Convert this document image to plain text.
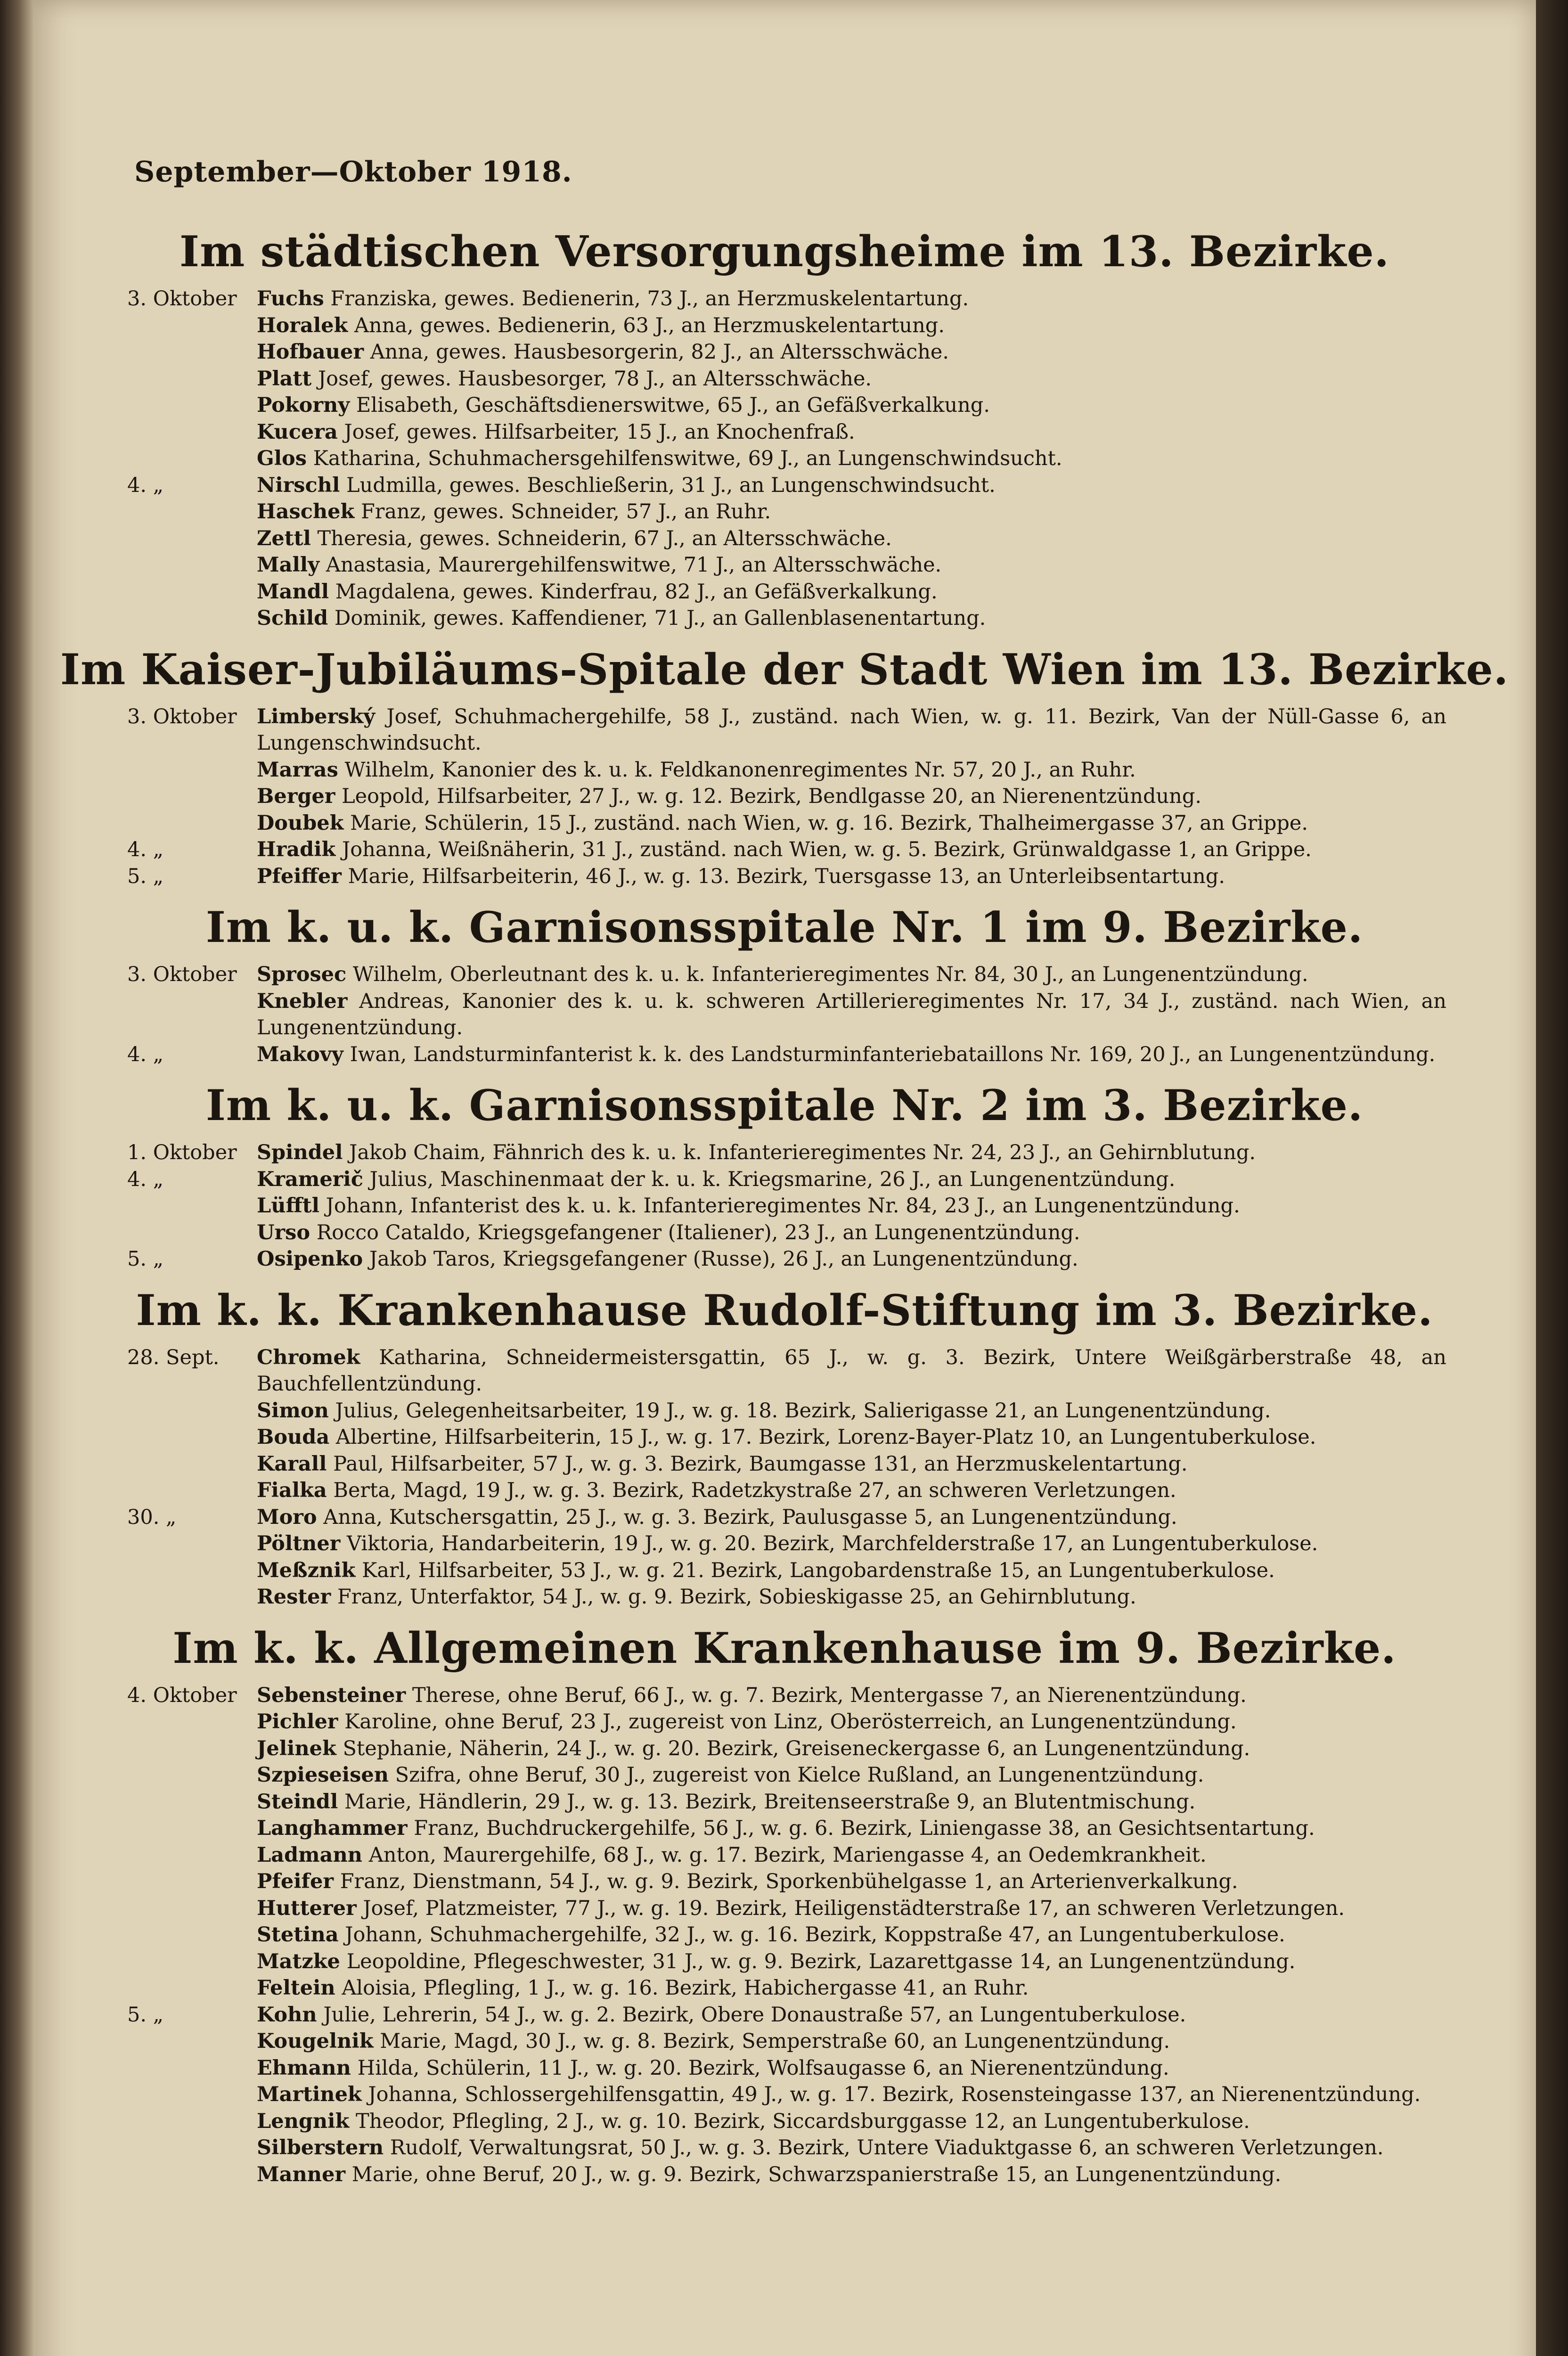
September—Oktober 1918.
Im städtischen Versorgungsheime im 13. Bezirke.
3. Oktober Fuchs Franziska, gewes. Bedienerin, 73 J., an Herzmuskelentartung.
Horalek Anna, gewes. Bedienerin, 63 J., an Herzmuskelentartung.
Hofbauer Anna, gewes. Hausbesorgerin, 82 J., an Altersschwäche.
Platt Josef, gewes. Hausbesorger, 78 J., an Altersschwäche.
Pokorny Elisabeth, Geschäftsdienerswitwe, 65 J., an Gefäßverkalkung.
Kucera Josef, gewes. Hilfsarbeiter, 15 J., an Knochenfraß.
Glos Katharina, Schuhmachersgehilfenswitwe, 69 J., an Lungenschwindsucht.
4. „	Nirschl Ludmilla, gewes. Beschließerin, 31 J., an Lungenschwindsucht.
Haschek Franz, gewes. Schneider, 57 J., an Ruhr.
Zettl Theresia, gewes. Schneiderin, 67 J., an Altersschwäche.
Mally Anastasia, Maurergehilfenswitwe, 71 J., an Altersschwäche.
Mandl Magdalena, gewes. Kinderfrau, 82 J., an Gefäßverkalkung.
Schild Dominik, gewes. Kaffendiener, 71 J., an Gallenblasenentartung.
Im Kaiser-Jubiläums-Spitale der Stadt Wien im 13. Bezirke.
3. Oktober Limberský Josef, Schuhmachergehilfe, 58 J., zuständ. nach Wien, w. g. 11. Bezirk, Van der Nüll-Gasse 6, an Lungenschwindsucht.
Marras Wilhelm, Kanonier des k. u. k. Feldkanonenregimentes Nr. 57, 20 J., an Ruhr.
Berger Leopold, Hilfsarbeiter, 27 J., w. g. 12. Bezirk, Bendlgasse 20, an Nierenentzündung.
Doubek Marie, Schülerin, 15 J., zuständ. nach Wien, w. g. 16. Bezirk, Thalheimergasse 37, an Grippe.
4. „	Hradik Johanna, Weißnäherin, 31 J., zuständ. nach Wien, w. g. 5. Bezirk, Grünwaldgasse 1, an Grippe.
5. „	Pfeiffer Marie, Hilfsarbeiterin, 46 J., w. g. 13. Bezirk, Tuersgasse 13, an Unterleibsentartung.
Im k. u. k. Garnisonsspitale Nr. 1 im 9. Bezirke.
3. Oktober Sprosec Wilhelm, Oberleutnant des k. u. k. Infanterieregimentes Nr. 84, 30 J., an Lungenentzündung.
Knebler Andreas, Kanonier des k. u. k. schweren Artillerieregimentes Nr. 17, 34 J., zuständ. nach Wien, an Lungenentzündung.
4. „	Makovy Iwan, Landsturminfanterist k. k. des Landsturminfanteriebataillons Nr. 169, 20 J., an Lungenentzündung.
Im k. u. k. Garnisonsspitale Nr. 2 im 3. Bezirke.
1. Oktober Spindel Jakob Chaim, Fähnrich des k. u. k. Infanterieregimentes Nr. 24, 23 J., an Gehirnblutung.
4. „	Kramerič Julius, Maschinenmaat der k. u. k. Kriegsmarine, 26 J., an Lungenentzündung.
Lüfftl Johann, Infanterist des k. u. k. Infanterieregimentes Nr. 84, 23 J., an Lungenentzündung.
Urso Rocco Cataldo, Kriegsgefangener (Italiener), 23 J., an Lungenentzündung.
5. „	Osipenko Jakob Taros, Kriegsgefangener (Russe), 26 J., an Lungenentzündung.
Im k. k. Krankenhause Rudolf-Stiftung im 3. Bezirke.
28. Sept.	Chromek Katharina, Schneidermeistersgattin, 65 J., w. g. 3. Bezirk, Untere Weißgärberstraße 48, an Bauchfellentzündung.
Simon Julius, Gelegenheitsarbeiter, 19 J., w. g. 18. Bezirk, Salierigasse 21, an Lungenentzündung.
Bouda Albertine, Hilfsarbeiterin, 15 J., w. g. 17. Bezirk, Lorenz-Bayer-Platz 10, an Lungentuberkulose.
Karall Paul, Hilfsarbeiter, 57 J., w. g. 3. Bezirk, Baumgasse 131, an Herzmuskelentartung.
Fialka Berta, Magd, 19 J., w. g. 3. Bezirk, Radetzkystraße 27, an schweren Verletzungen.
30. „	Moro Anna, Kutschersgattin, 25 J., w. g. 3. Bezirk, Paulusgasse 5, an Lungenentzündung.
Pöltner Viktoria, Handarbeiterin, 19 J., w. g. 20. Bezirk, Marchfelderstraße 17, an Lungentuberkulose.
Meßznik Karl, Hilfsarbeiter, 53 J., w. g. 21. Bezirk, Langobardenstraße 15, an Lungentuberkulose.
Rester Franz, Unterfaktor, 54 J., w. g. 9. Bezirk, Sobieskigasse 25, an Gehirnblutung.
Im k. k. Allgemeinen Krankenhause im 9. Bezirke.
4. Oktober Sebensteiner Therese, ohne Beruf, 66 J., w. g. 7. Bezirk, Mentergasse 7, an Nierenentzündung.
Pichler Karoline, ohne Beruf, 23 J., zugereist von Linz, Oberösterreich, an Lungenentzündung.
Jelinek Stephanie, Näherin, 24 J., w. g. 20. Bezirk, Greiseneckergasse 6, an Lungenentzündung.
Szpieseisen Szifra, ohne Beruf, 30 J., zugereist von Kielce Rußland, an Lungenentzündung.
Steindl Marie, Händlerin, 29 J., w. g. 13. Bezirk, Breitenseerstraße 9, an Blutentmischung.
Langhammer Franz, Buchdruckergehilfe, 56 J., w. g. 6. Bezirk, Liniengasse 38, an Gesichtsentartung.
Ladmann Anton, Maurergehilfe, 68 J., w. g. 17. Bezirk, Mariengasse 4, an Oedemkrankheit.
Pfeifer Franz, Dienstmann, 54 J., w. g. 9. Bezirk, Sporkenbühelgasse 1, an Arterienverkalkung.
Hutterer Josef, Platzmeister, 77 J., w. g. 19. Bezirk, Heiligenstädterstraße 17, an schweren Verletzungen.
Stetina Johann, Schuhmachergehilfe, 32 J., w. g. 16. Bezirk, Koppstraße 47, an Lungentuberkulose.
Matzke Leopoldine, Pflegeschwester, 31 J., w. g. 9. Bezirk, Lazarettgasse 14, an Lungenentzündung.
Feltein Aloisia, Pflegling, 1 J., w. g. 16. Bezirk, Habichergasse 41, an Ruhr.
5. „	Kohn Julie, Lehrerin, 54 J., w. g. 2. Bezirk, Obere Donaustraße 57, an Lungentuberkulose.
Kougelnik Marie, Magd, 30 J., w. g. 8. Bezirk, Semperstraße 60, an Lungenentzündung.
Ehmann Hilda, Schülerin, 11 J., w. g. 20. Bezirk, Wolfsaugasse 6, an Nierenentzündung.
Martinek Johanna, Schlossergehilfensgattin, 49 J., w. g. 17. Bezirk, Rosensteingasse 137, an Nierenentzündung.
Lengnik Theodor, Pflegling, 2 J., w. g. 10. Bezirk, Siccardsburggasse 12, an Lungentuberkulose.
Silberstern Rudolf, Verwaltungsrat, 50 J., w. g. 3. Bezirk, Untere Viaduktgasse 6, an schweren Verletzungen.
Manner Marie, ohne Beruf, 20 J., w. g. 9. Bezirk, Schwarzspanierstraße 15, an Lungenentzündung.
